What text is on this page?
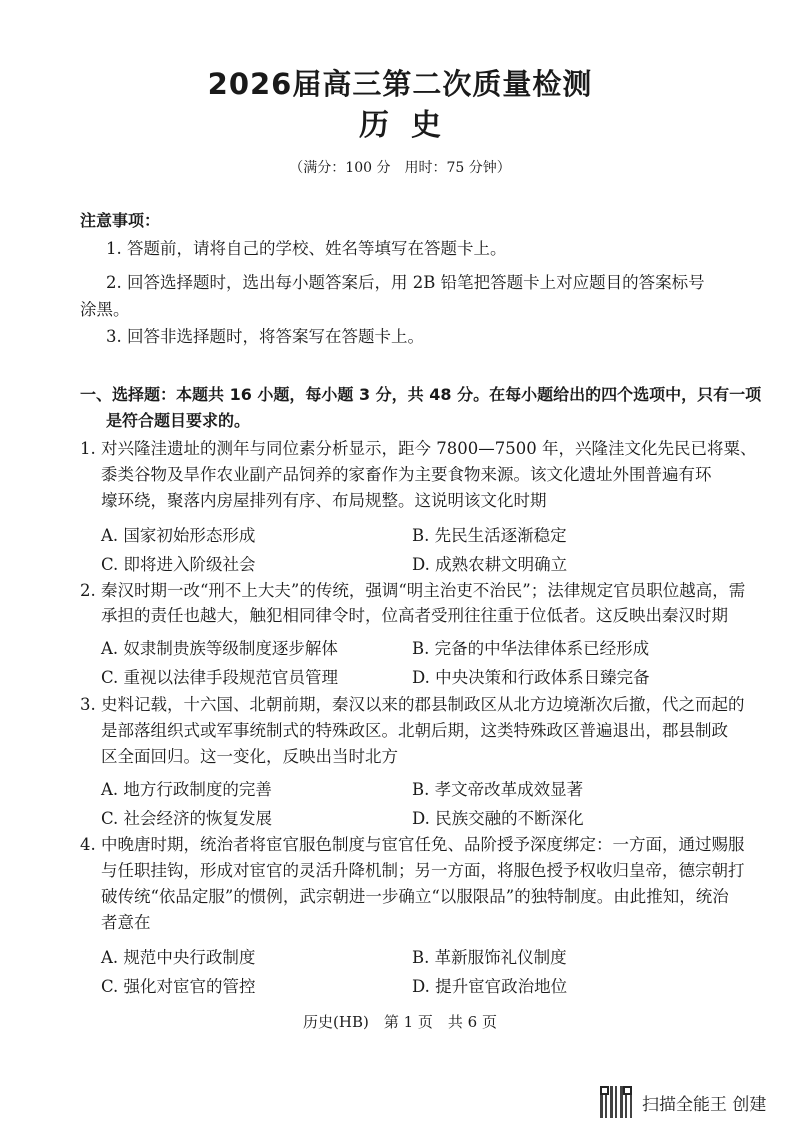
2026届高三第二次质量检测
历史
（满分：100 分　用时：75 分钟）
注意事项：
1. 答题前，请将自己的学校、姓名等填写在答题卡上。
2. 回答选择题时，选出每小题答案后，用 2B 铅笔把答题卡上对应题目的答案标号
涂黑。
3. 回答非选择题时，将答案写在答题卡上。
一、选择题：本题共 16 小题，每小题 3 分，共 48 分。在每小题给出的四个选项中，只有一项
是符合题目要求的。
1. 对兴隆洼遗址的测年与同位素分析显示，距今 7800—7500 年，兴隆洼文化先民已将粟、
黍类谷物及旱作农业副产品饲养的家畜作为主要食物来源。该文化遗址外围普遍有环
壕环绕，聚落内房屋排列有序、布局规整。这说明该文化时期
A. 国家初始形态形成	B. 先民生活逐渐稳定
C. 即将进入阶级社会	D. 成熟农耕文明确立
2. 秦汉时期一改“刑不上大夫”的传统，强调“明主治吏不治民”；法律规定官员职位越高，需
承担的责任也越大，触犯相同律令时，位高者受刑往往重于位低者。这反映出秦汉时期
A. 奴隶制贵族等级制度逐步解体	B. 完备的中华法律体系已经形成
C. 重视以法律手段规范官员管理	D. 中央决策和行政体系日臻完备
3. 史料记载，十六国、北朝前期，秦汉以来的郡县制政区从北方边境渐次后撤，代之而起的
是部落组织式或军事统制式的特殊政区。北朝后期，这类特殊政区普遍退出，郡县制政
区全面回归。这一变化，反映出当时北方
A. 地方行政制度的完善	B. 孝文帝改革成效显著
C. 社会经济的恢复发展	D. 民族交融的不断深化
4. 中晚唐时期，统治者将宦官服色制度与宦官任免、品阶授予深度绑定：一方面，通过赐服
与任职挂钩，形成对宦官的灵活升降机制；另一方面，将服色授予权收归皇帝，德宗朝打
破传统“依品定服”的惯例，武宗朝进一步确立“以服限品”的独特制度。由此推知，统治
者意在
A. 规范中央行政制度	B. 革新服饰礼仪制度
C. 强化对宦官的管控	D. 提升宦官政治地位
历史(HB)　第 1 页　共 6 页
扫描全能王 创建
